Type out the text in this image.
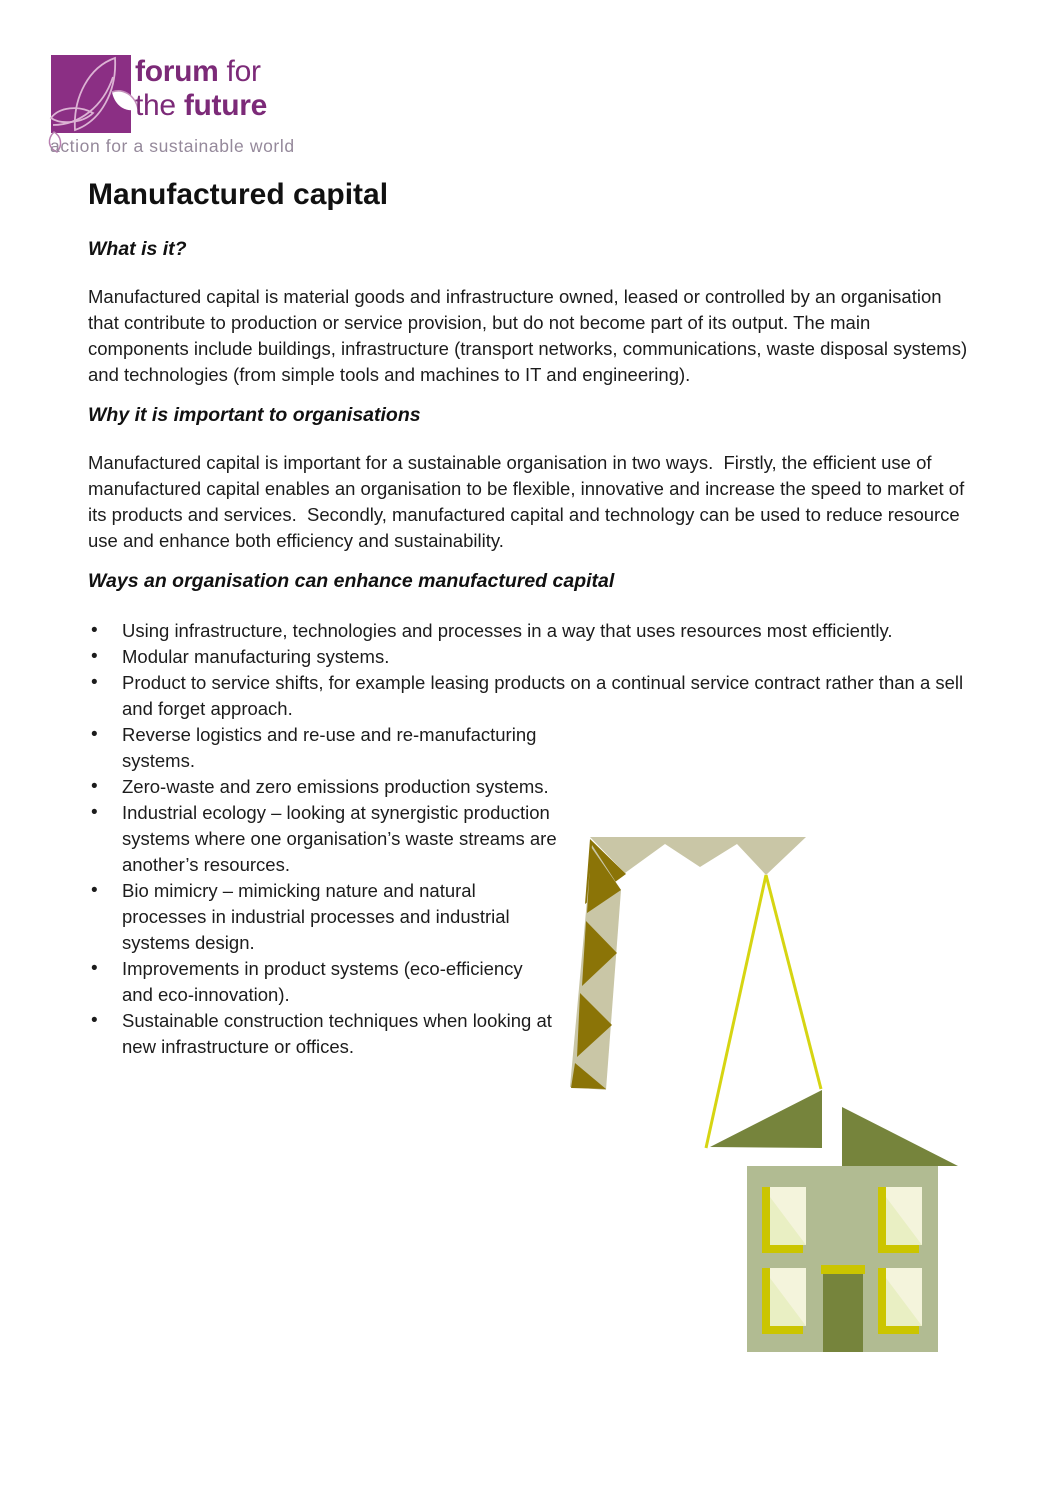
forum for
the future
action for a sustainable world
Manufactured capital
What is it?

Manufactured capital is material goods and infrastructure owned, leased or controlled by an organisation that contribute to production or service provision, but do not become part of its output. The main components include buildings, infrastructure (transport networks, communications, waste disposal systems) and technologies (from simple tools and machines to IT and engineering).

Why it is important to organisations

Manufactured capital is important for a sustainable organisation in two ways.  Firstly, the efficient use of manufactured capital enables an organisation to be flexible, innovative and increase the speed to market of its products and services.  Secondly, manufactured capital and technology can be used to reduce resource use and enhance both efficiency and sustainability.

Ways an organisation can enhance manufactured capital
• Using infrastructure, technologies and processes in a way that uses resources most efficiently.
• Modular manufacturing systems.
• Product to service shifts, for example leasing products on a continual service contract rather than a sell and forget approach.
• Reverse logistics and re-use and re-manufacturing systems.
• Zero-waste and zero emissions production systems.
• Industrial ecology – looking at synergistic production systems where one organisation’s waste streams are another’s resources.
• Bio mimicry – mimicking nature and natural processes in industrial processes and industrial systems design.
• Improvements in product systems (eco-efficiency and eco-innovation).
• Sustainable construction techniques when looking at new infrastructure or offices.
